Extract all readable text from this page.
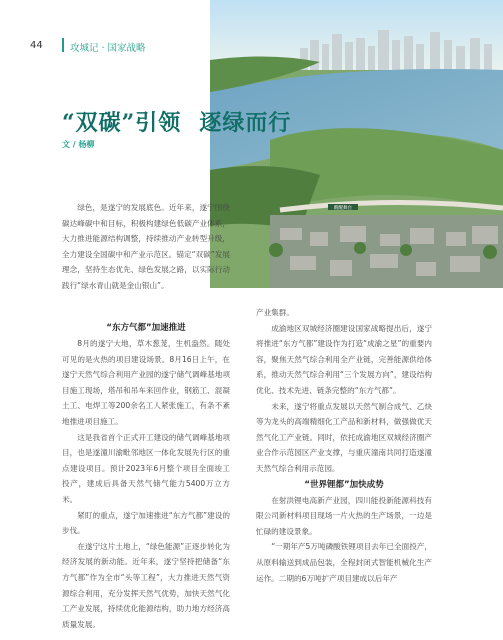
44	攻城记 · 国家战略
醒醒舞台
“双碳”引领 逐绿而行
文 / 杨柳

绿色，是遂宁的发展底色。近年来，遂宁围绕碳达峰碳中和目标，积极构建绿色低碳产业体系，大力推进能源结构调整，持续推动产业转型升级，全力建设全国碳中和产业示范区。锚定“双碳”发展理念，坚持生态优先、绿色发展之路，以实际行动践行“绿水青山就是金山银山”。

“东方气都”加速推进

8月的遂宁大地，草木葱茏，生机盎然。随处可见的是火热的项目建设场景。8月16日上午，在遂宁天然气综合利用产业园的遂宁储气调峰基地项目施工现场，塔吊和吊车来回作业，钢筋工、混凝土工、电焊工等200余名工人紧张施工，有条不紊地推进项目施工。

这是我省首个正式开工建设的储气调峰基地项目，也是遂潼川渝毗邻地区一体化发展先行区的重点建设项目。预计2023年6月整个项目全面竣工投产，建成后具备天然气储气能力5400万立方米。

紧盯的重点，遂宁加速推进“东方气都”建设的步伐。

在遂宁这片土地上，“绿色能源”正逐步转化为经济发展的新动能。近年来，遂宁坚持把储备“东方气都”作为全市“头等工程”，大力推进天然气资源综合利用，充分发挥天然气优势，加快天然气化工产业发展，持续优化能源结构，助力地方经济高质量发展。

产业集群。

成渝地区双城经济圈建设国家战略提出后，遂宁将推进“东方气都”建设作为打造“成渝之星”的重要内容，聚焦天然气综合利用全产业链，完善能源供给体系，推动天然气综合利用“三个发展方向”，建设结构优化、技术先进、链条完整的“东方气都”。

未来，遂宁将重点发展以天然气制合成气、乙炔等为龙头的高端精细化工产品和新材料，做强做优天然气化工产业链。同时，依托成渝地区双城经济圈产业合作示范园区产业支撑，与重庆潼南共同打造遂潼天然气综合利用示范园。

“世界锂都”加快成势

在射洪锂电高新产业园，四川能投新能源科技有限公司新材料项目现场一片火热的生产场景，一边是忙碌的建设景象。

“一期年产5万吨磷酸铁锂项目去年已全面投产，从原料输送到成品包装，全程封闭式智能机械化生产运作。二期的6万吨扩产项目建成以后年产
